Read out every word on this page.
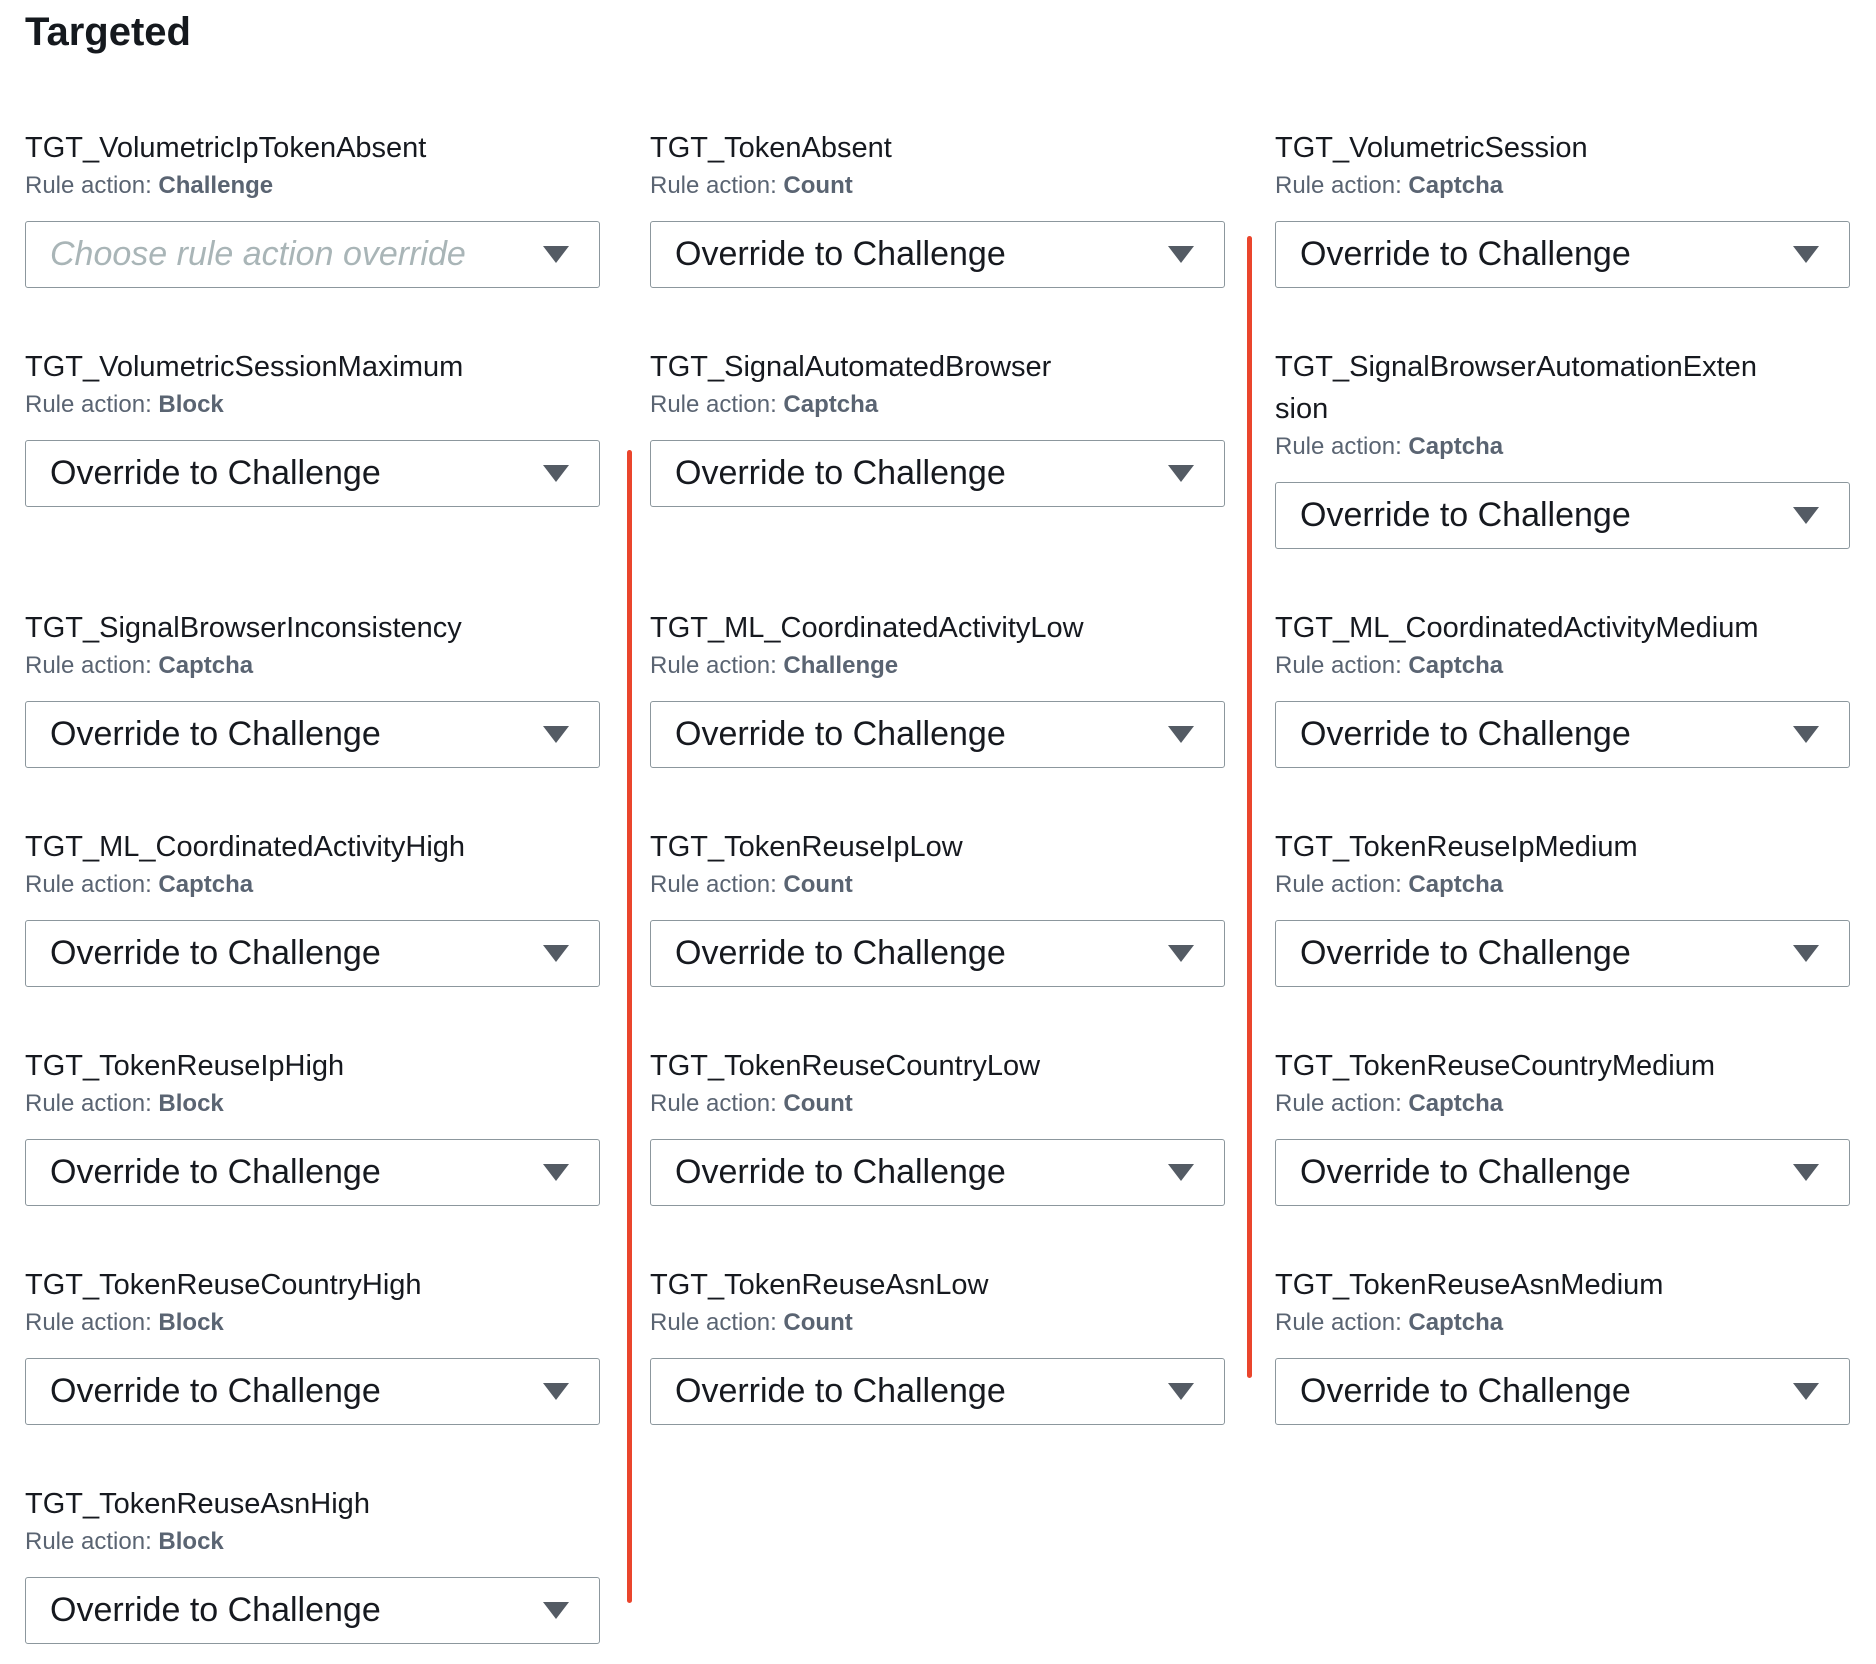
Targeted
TGT_VolumetricIpTokenAbsent
Rule action: Challenge
Choose rule action override
TGT_TokenAbsent
Rule action: Count
Override to Challenge
TGT_VolumetricSession
Rule action: Captcha
Override to Challenge
TGT_VolumetricSessionMaximum
Rule action: Block
Override to Challenge
TGT_SignalAutomatedBrowser
Rule action: Captcha
Override to Challenge
TGT_SignalBrowserAutomationExtension
Rule action: Captcha
Override to Challenge
TGT_SignalBrowserInconsistency
Rule action: Captcha
Override to Challenge
TGT_ML_CoordinatedActivityLow
Rule action: Challenge
Override to Challenge
TGT_ML_CoordinatedActivityMedium
Rule action: Captcha
Override to Challenge
TGT_ML_CoordinatedActivityHigh
Rule action: Captcha
Override to Challenge
TGT_TokenReuseIpLow
Rule action: Count
Override to Challenge
TGT_TokenReuseIpMedium
Rule action: Captcha
Override to Challenge
TGT_TokenReuseIpHigh
Rule action: Block
Override to Challenge
TGT_TokenReuseCountryLow
Rule action: Count
Override to Challenge
TGT_TokenReuseCountryMedium
Rule action: Captcha
Override to Challenge
TGT_TokenReuseCountryHigh
Rule action: Block
Override to Challenge
TGT_TokenReuseAsnLow
Rule action: Count
Override to Challenge
TGT_TokenReuseAsnMedium
Rule action: Captcha
Override to Challenge
TGT_TokenReuseAsnHigh
Rule action: Block
Override to Challenge
